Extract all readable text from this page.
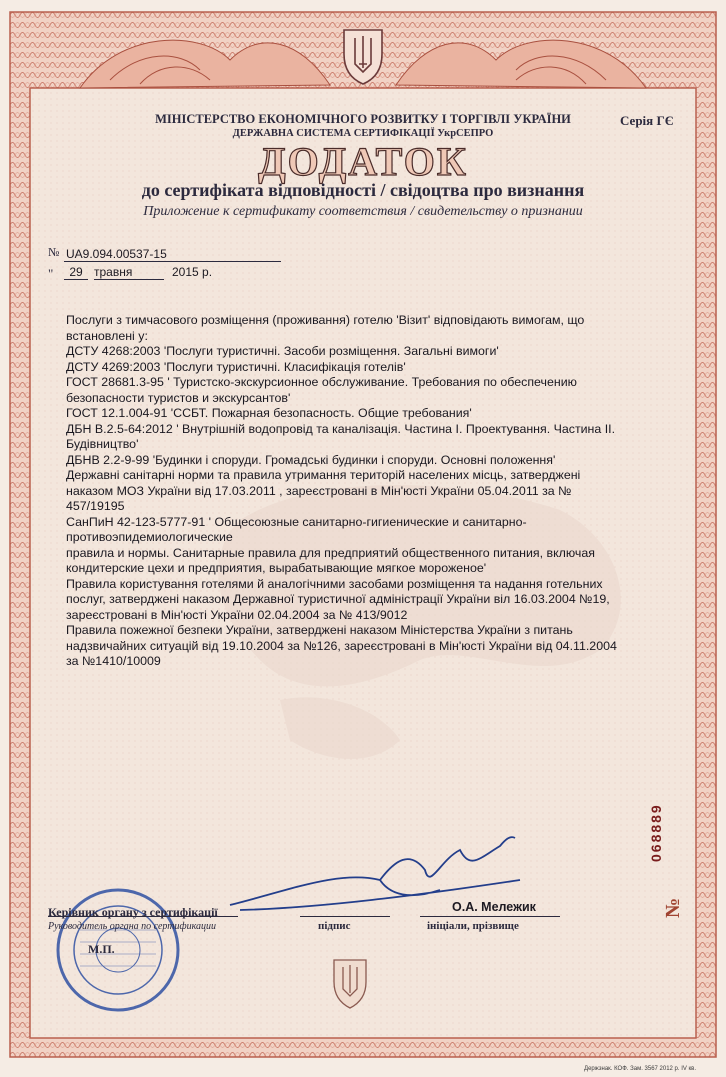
МІНІСТЕРСТВО ЕКОНОМІЧНОГО РОЗВИТКУ І ТОРГІВЛІ УКРАЇНИ
ДЕРЖАВНА СИСТЕМА СЕРТИФІКАЦІЇ УкрСЕПРО
Серія ГЄ
ДОДАТОК
до сертифіката відповідності / свідоцтва про визнання
Приложение к сертификату соответствия / свидетельству о признании
№ UA9.094.00537-15
"	29 травня	2015 р.
Послуги з тимчасового розміщення (проживання) готелю 'Візит' відповідають вимогам, що
встановлені у:
ДСТУ 4268:2003 'Послуги туристичні. Засоби розміщення. Загальні вимоги'
ДСТУ 4269:2003 'Послуги туристичні. Класифікація готелів'
ГОСТ 28681.3-95 ' Туристско-экскурсионное обслуживание. Требования по обеспечению
безопасности туристов и экскурсантов'
ГОСТ 12.1.004-91 'ССБТ. Пожарная безопасность. Общие требования'
ДБН В.2.5-64:2012 ' Внутрішній водопровід та каналізація. Частина І. Проектування. Частина ІІ.
Будівництво'
ДБНВ 2.2-9-99 'Будинки і споруди. Громадські будинки і споруди. Основні положення'
Державні санітарні норми та правила утримання територій населених місць, затверджені
наказом МОЗ України від 17.03.2011 , зареєстровані в Мін'юсті України 05.04.2011 за №
457/19195
СанПиН 42-123-5777-91 ' Общесоюзные санитарно-гигиенические и санитарно-
противоэпидемиологические
правила и нормы. Санитарные правила для предприятий общественного питания, включая
кондитерские цехи и предприятия, вырабатывающие мягкое мороженое'
Правила користування готелями й аналогічними засобами розміщення та надання готельних
послуг, затверджені наказом Державної туристичної адміністрації України віл 16.03.2004 №19,
зареєстровані в Мін'юсті України 02.04.2004 за № 413/9012
Правила пожежної безпеки України, затверджені наказом Міністерства України з питань
надзвичайних ситуацій від 19.10.2004 за №126, зареєстровані в Мін'юсті України від 04.11.2004
за №1410/10009
Керівник органу з сертифікації
Руководитель органа по сертификации
М.П.
підпис	ініціали, прізвище
О.А. Мележик
068889
№
Держзнак. КОФ. Зам. 3567 2012 р. IV кв.
